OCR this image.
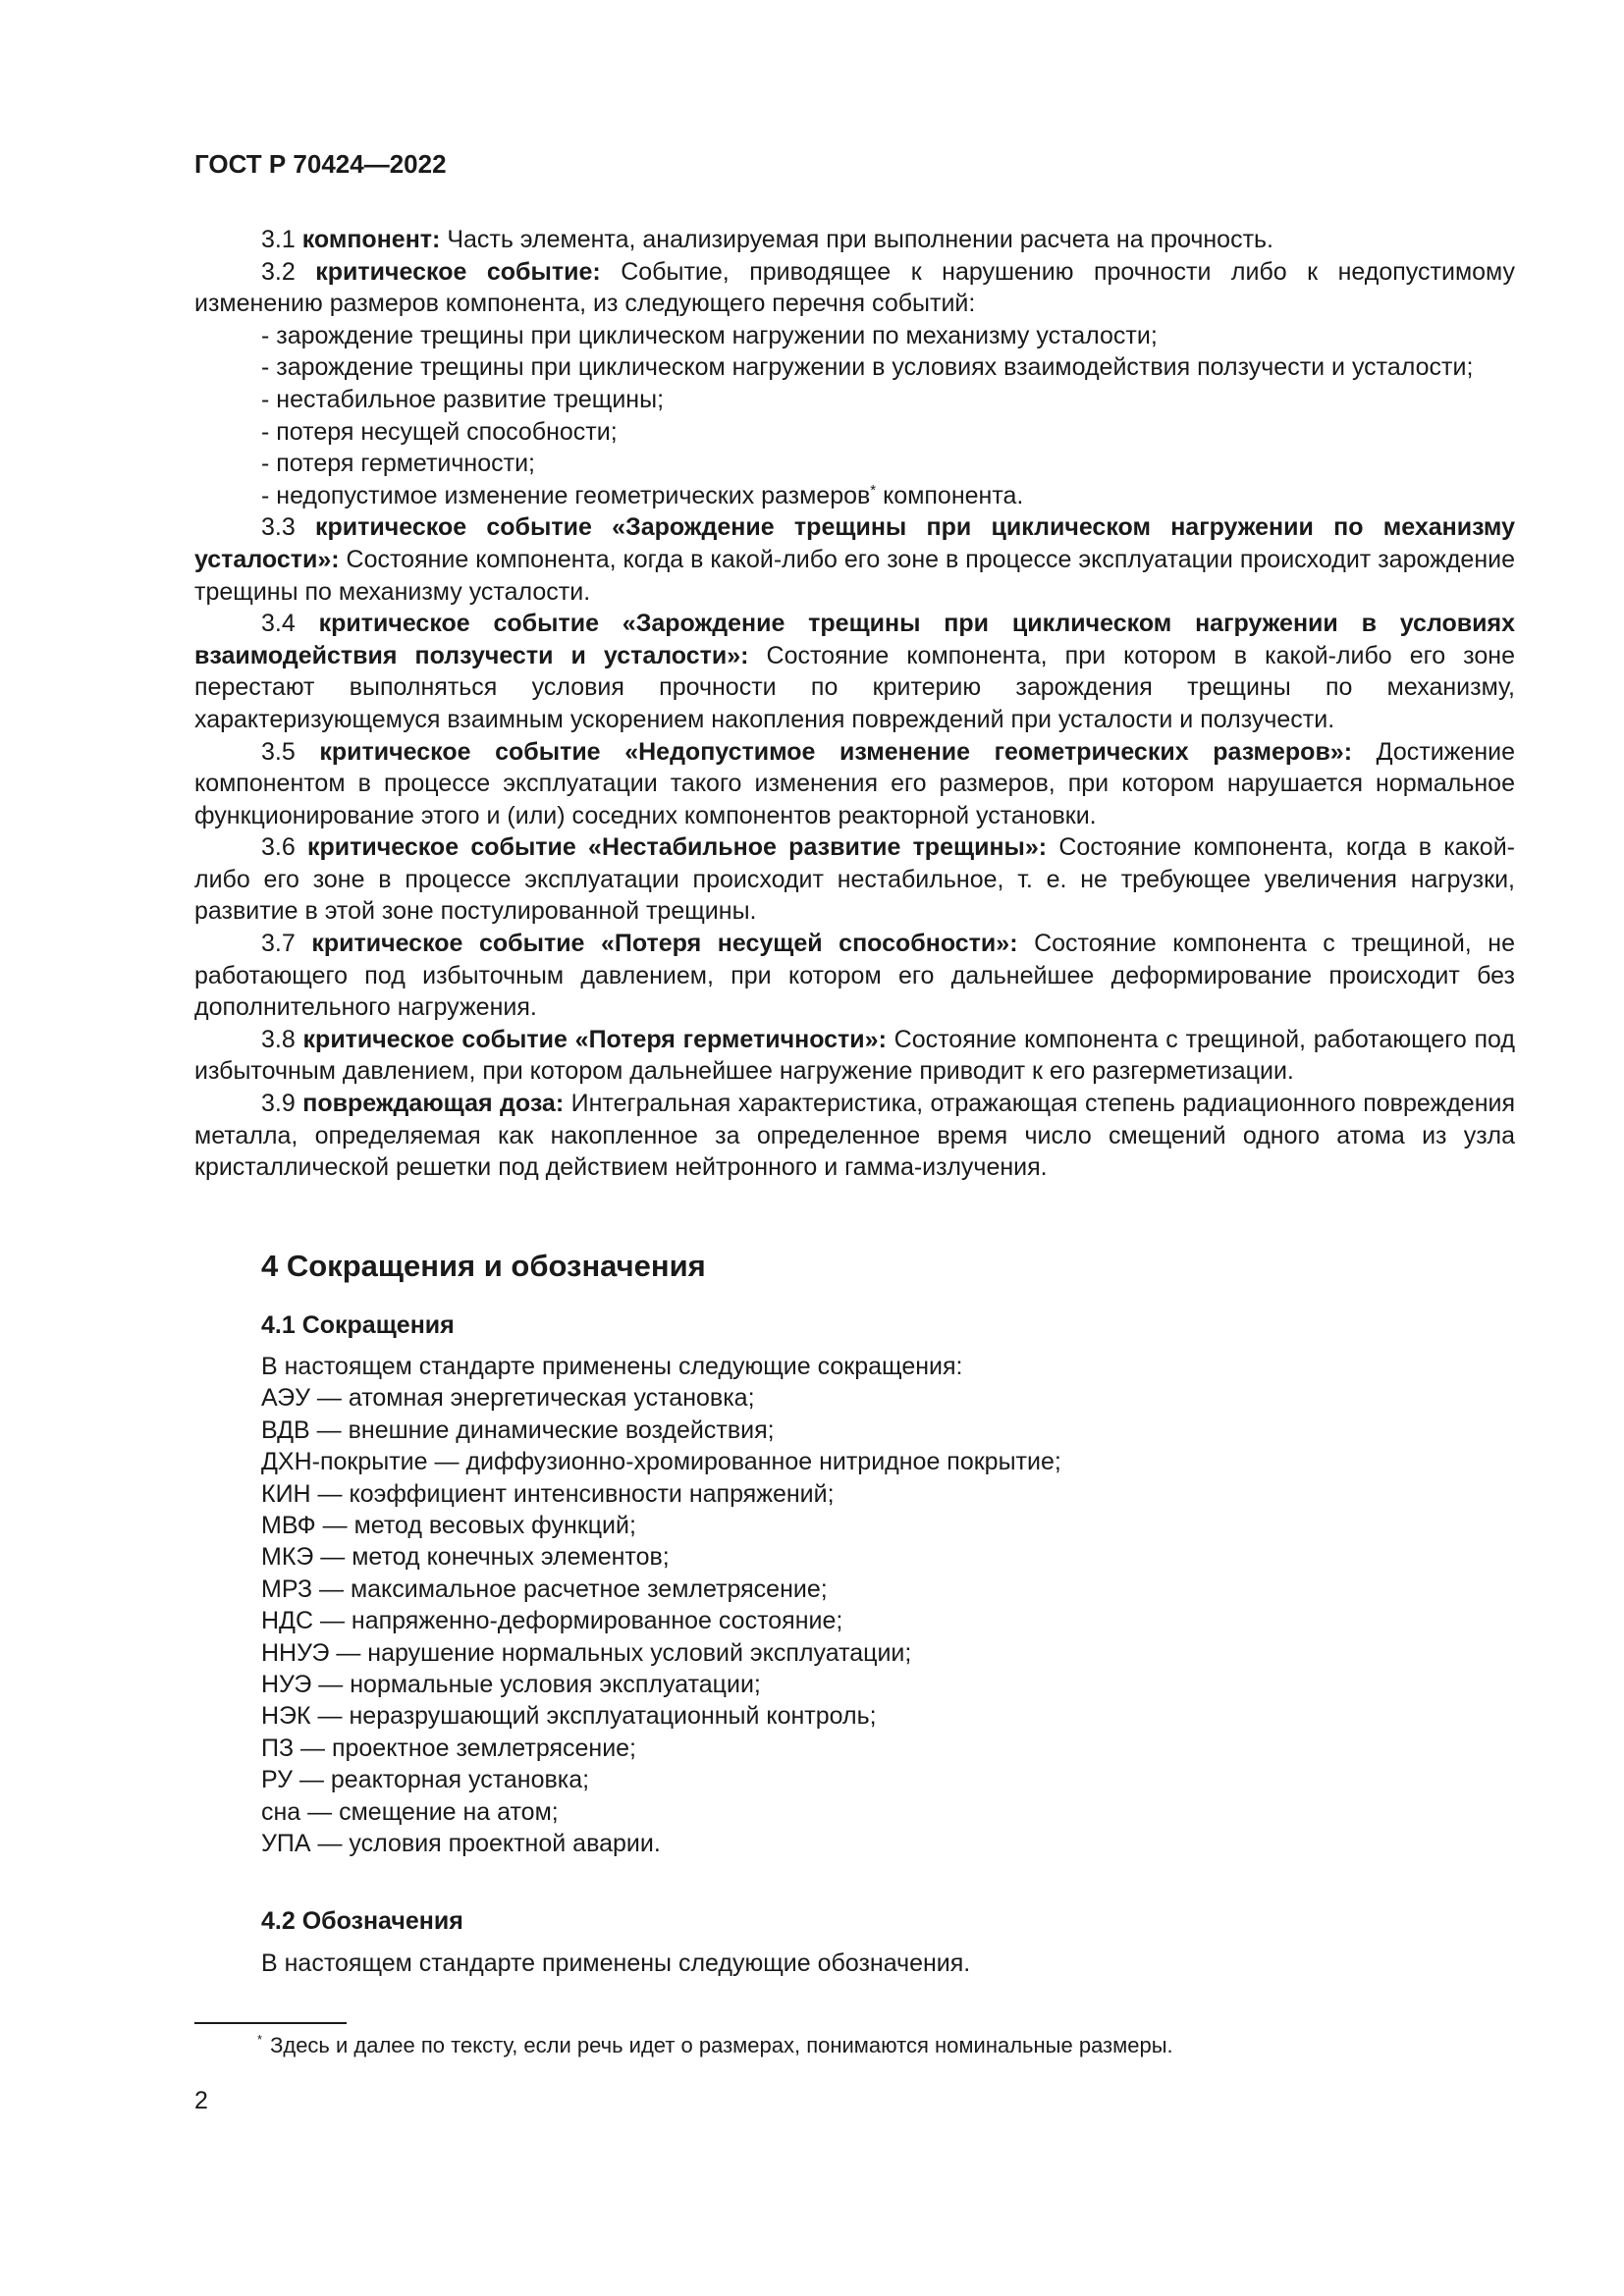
ГОСТ Р 70424—2022

3.1 компонент: Часть элемента, анализируемая при выполнении расчета на прочность.

3.2 критическое событие: Событие, приводящее к нарушению прочности либо к недопустимому изменению размеров компонента, из следующего перечня событий:

- зарождение трещины при циклическом нагружении по механизму усталости;

- зарождение трещины при циклическом нагружении в условиях взаимодействия ползучести и усталости;

- нестабильное развитие трещины;

- потеря несущей способности;

- потеря герметичности;

- недопустимое изменение геометрических размеров* компонента.

3.3 критическое событие «Зарождение трещины при циклическом нагружении по механизму усталости»: Состояние компонента, когда в какой-либо его зоне в процессе эксплуатации происходит зарождение трещины по механизму усталости.

3.4 критическое событие «Зарождение трещины при циклическом нагружении в условиях взаимодействия ползучести и усталости»: Состояние компонента, при котором в какой-либо его зоне перестают выполняться условия прочности по критерию зарождения трещины по механизму, характеризующемуся взаимным ускорением накопления повреждений при усталости и ползучести.

3.5 критическое событие «Недопустимое изменение геометрических размеров»: Достижение компонентом в процессе эксплуатации такого изменения его размеров, при котором нарушается нормальное функционирование этого и (или) соседних компонентов реакторной установки.

3.6 критическое событие «Нестабильное развитие трещины»: Состояние компонента, когда в какой-либо его зоне в процессе эксплуатации происходит нестабильное, т. е. не требующее увеличения нагрузки, развитие в этой зоне постулированной трещины.

3.7 критическое событие «Потеря несущей способности»: Состояние компонента с трещиной, не работающего под избыточным давлением, при котором его дальнейшее деформирование происходит без дополнительного нагружения.

3.8 критическое событие «Потеря герметичности»: Состояние компонента с трещиной, работающего под избыточным давлением, при котором дальнейшее нагружение приводит к его разгерметизации.

3.9 повреждающая доза: Интегральная характеристика, отражающая степень радиационного повреждения металла, определяемая как накопленное за определенное время число смещений одного атома из узла кристаллической решетки под действием нейтронного и гамма-излучения.

4 Сокращения и обозначения
4.1 Сокращения
В настоящем стандарте применены следующие сокращения:
АЭУ — атомная энергетическая установка;
ВДВ — внешние динамические воздействия;
ДХН-покрытие — диффузионно-хромированное нитридное покрытие;
КИН — коэффициент интенсивности напряжений;
МВФ — метод весовых функций;
МКЭ — метод конечных элементов;
МРЗ — максимальное расчетное землетрясение;
НДС — напряженно-деформированное состояние;
ННУЭ — нарушение нормальных условий эксплуатации;
НУЭ — нормальные условия эксплуатации;
НЭК — неразрушающий эксплуатационный контроль;
ПЗ — проектное землетрясение;
РУ — реакторная установка;
сна — смещение на атом;
УПА — условия проектной аварии.
4.2 Обозначения
В настоящем стандарте применены следующие обозначения.
* Здесь и далее по тексту, если речь идет о размерах, понимаются номинальные размеры.
2
